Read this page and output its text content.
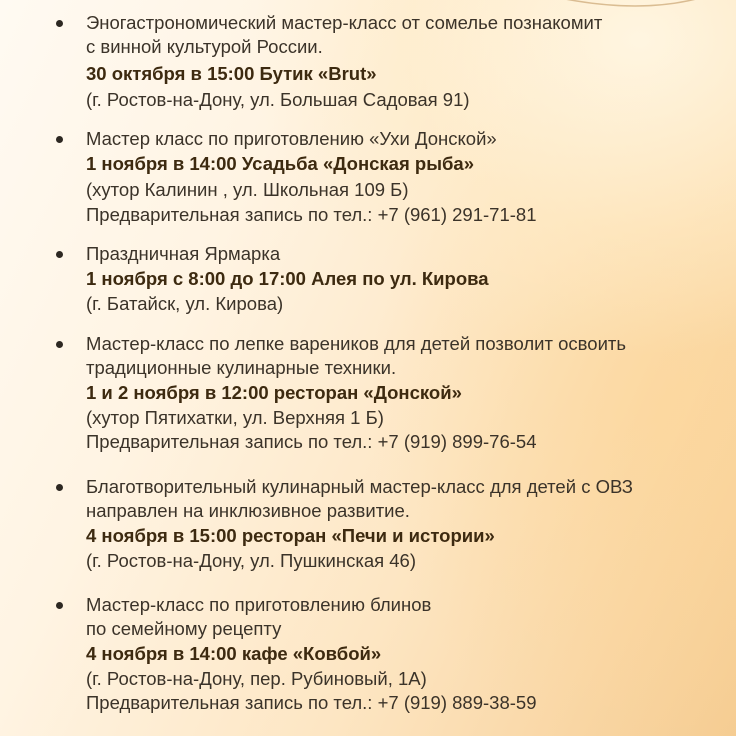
Эногастрономический мастер-класс от сомелье познакомит
с винной культурой России.
30 октября в 15:00 Бутик «Brut»
(г. Ростов-на-Дону, ул. Большая Садовая 91)
Мастер класс по приготовлению «Ухи Донской»
1 ноября в 14:00 Усадьба «Донская рыба»
(хутор Калинин , ул. Школьная 109 Б)
Предварительная запись по тел.: +7 (961) 291-71-81
Праздничная Ярмарка
1 ноября с 8:00 до 17:00 Алея по ул. Кирова
(г. Батайск, ул. Кирова)
Мастер-класс по лепке вареников для детей позволит освоить
традиционные кулинарные техники.
1 и 2 ноября в 12:00 ресторан «Донской»
(хутор Пятихатки, ул. Верхняя 1 Б)
Предварительная запись по тел.: +7 (919) 899-76-54
Благотворительный кулинарный мастер-класс для детей с ОВЗ
направлен на инклюзивное развитие.
4 ноября в 15:00 ресторан «Печи и истории»
(г. Ростов-на-Дону, ул. Пушкинская 46)
Мастер-класс по приготовлению блинов
по семейному рецепту
4 ноября в 14:00 кафе «Ковбой»
(г. Ростов-на-Дону, пер. Рубиновый, 1А)
Предварительная запись по тел.: +7 (919) 889-38-59
